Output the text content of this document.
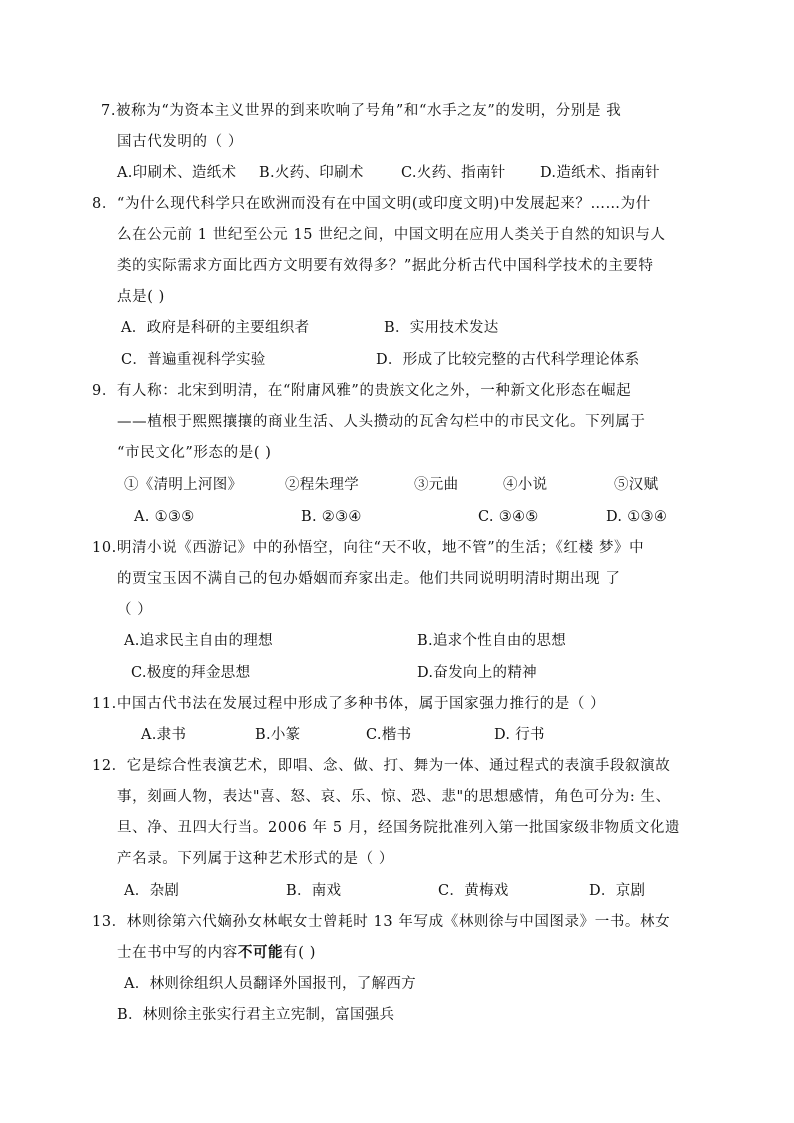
7.被称为“为资本主义世界的到来吹响了号角”和“水手之友”的发明，分别是 我
国古代发明的（ ）
A.印刷术、造纸术 B.火药、印刷术	C.火药、指南针 D.造纸术、指南针
8．“为什么现代科学只在欧洲而没有在中国文明(或印度文明)中发展起来？……为什
么在公元前 1 世纪至公元 15 世纪之间，中国文明在应用人类关于自然的知识与人
类的实际需求方面比西方文明要有效得多？”据此分析古代中国科学技术的主要特
点是( )
A．政府是科研的主要组织者	B．实用技术发达
C．普遍重视科学实验	D．形成了比较完整的古代科学理论体系
9．有人称：北宋到明清，在“附庸风雅”的贵族文化之外，一种新文化形态在崛起
——植根于熙熙攘攘的商业生活、人头攒动的瓦舍勾栏中的市民文化。下列属于
“市民文化”形态的是( )
①《清明上河图》	②程朱理学	③元曲	④小说	⑤汉赋
A. ①③⑤	B. ②③④	C. ③④⑤	D. ①③④
10.明清小说《西游记》中的孙悟空，向往“天不收，地不管”的生活；《红楼 梦》中
的贾宝玉因不满自己的包办婚姻而弃家出走。他们共同说明明清时期出现 了
（ ）
A.追求民主自由的理想	B.追求个性自由的思想
C.极度的拜金思想	D.奋发向上的精神
11.中国古代书法在发展过程中形成了多种书体，属于国家强力推行的是（ ）
A.隶书	B.小篆	C.楷书	D. 行书
12．它是综合性表演艺术，即唱、念、做、打、舞为一体、通过程式的表演手段叙演故
事，刻画人物，表达"喜、怒、哀、乐、惊、恐、悲"的思想感情，角色可分为: 生、
旦、净、丑四大行当。2006 年 5 月，经国务院批准列入第一批国家级非物质文化遗
产名录。下列属于这种艺术形式的是（ ）
A．杂剧	B．南戏	C．黄梅戏	D．京剧
13．林则徐第六代嫡孙女林岷女士曾耗时 13 年写成《林则徐与中国图录》一书。林女
士在书中写的内容不可能有( )
A．林则徐组织人员翻译外国报刊，了解西方
B．林则徐主张实行君主立宪制，富国强兵
